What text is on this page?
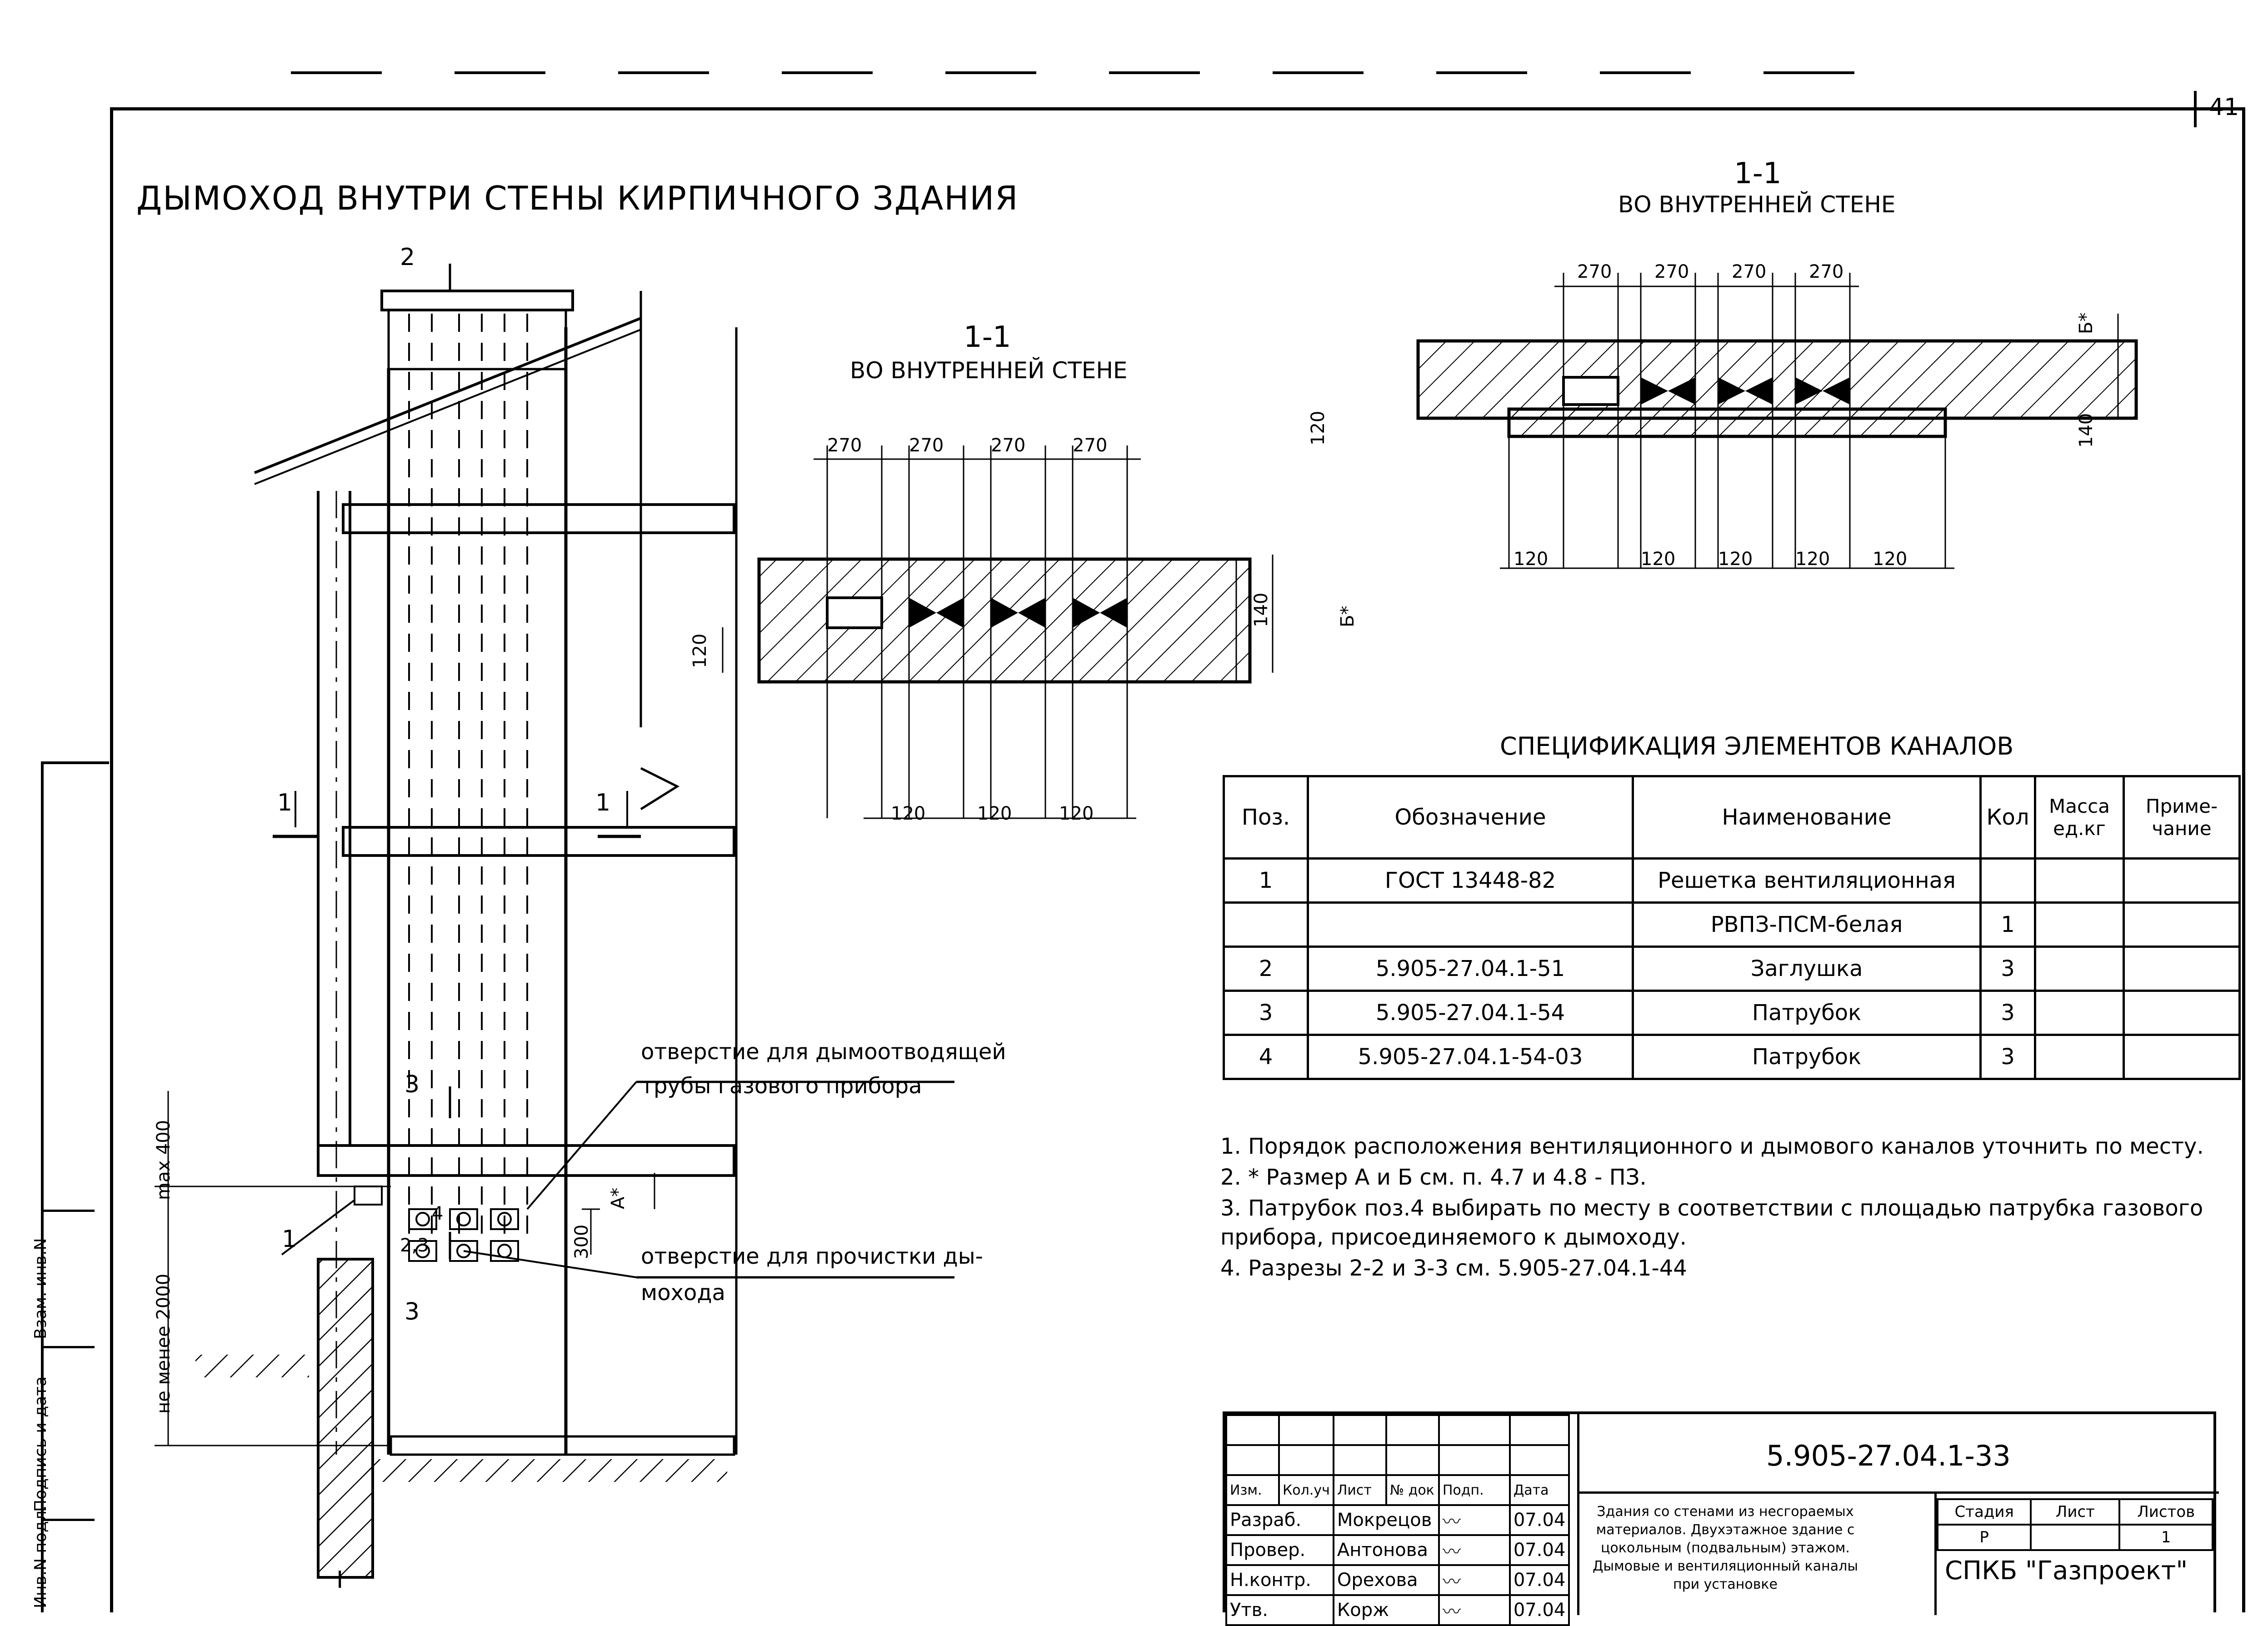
41
ДЫМОХОД ВНУТРИ СТЕНЫ КИРПИЧНОГО ЗДАНИЯ
2
1	1
3
3
1
I
4
2,3
max 400
не менее 2000
300
А*
отверстие для дымоотводящей
трубы газового прибора
отверстие для прочистки ды-
мохода
1-1
ВО ВНУТРЕННЕЙ СТЕНЕ
270	270	270	270
120	120	120
120
140	Б*
1-1
ВО ВНУТРЕННЕЙ СТЕНЕ
270 270 270 270
120	120 120 120 120
120	140
Б*
СПЕЦИФИКАЦИЯ ЭЛЕМЕНТОВ КАНАЛОВ
Поз.	Обозначение	Наименование	Кол	Масса ед.кг	Приме-чание
1	ГОСТ 13448-82	Решетка вентиляционная			
		РВПЗ-ПСМ-белая	1		
2	5.905-27.04.1-51	Заглушка	3		
3	5.905-27.04.1-54	Патрубок	3		
4	5.905-27.04.1-54-03	Патрубок	3		
1. Порядок расположения вентиляционного и дымового каналов уточнить по месту.
2. * Размер А и Б см. п. 4.7 и 4.8 - ПЗ.
3. Патрубок поз.4 выбирать по месту в соответствии с площадью патрубка газового прибора, присоединяемого к дымоходу.
4. Разрезы 2-2 и 3-3 см. 5.905-27.04.1-44

Изм.	Кол.уч	Лист	№ док	Подп.	Дата
Разраб.		Мокрецов		〰	07.04
Провер.		Антонова		〰	07.04
Н.контр.		Орехова		〰	07.04
Утв.		Корж		〰	07.04
5.905-27.04.1-33
Здания со стенами из несгораемых материалов. Двухэтажное здание с цокольным (подвальным) этажом. Дымовые и вентиляционный каналы при установке
Стадия	Лист	Листов
Р		1
СПКБ "Газпроект"
Взам. инв.N
Подпись и дата
Инв.N подл.
